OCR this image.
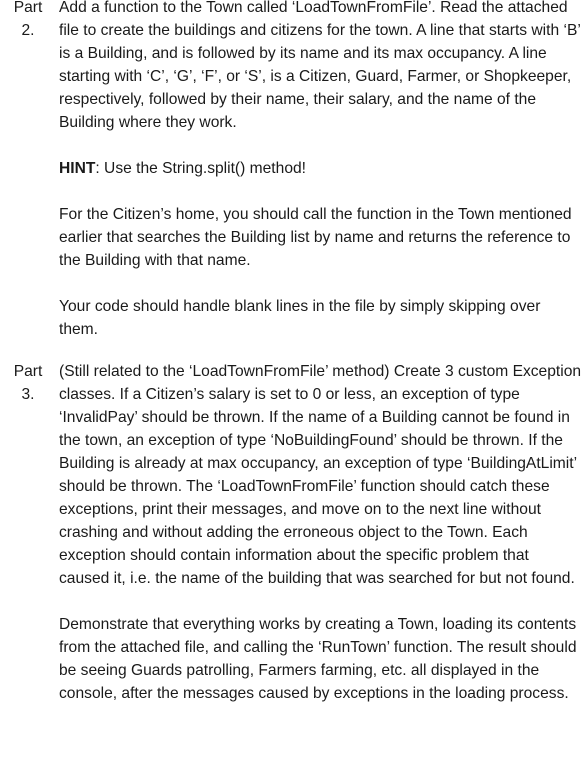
Part
2.

Add a function to the Town called ‘LoadTownFromFile’. Read the attached file to create the buildings and citizens for the town. A line that starts with ‘B’ is a Building, and is followed by its name and its max occupancy. A line starting with ‘C’, ‘G’, ‘F’, or ‘S’, is a Citizen, Guard, Farmer, or Shopkeeper, respectively, followed by their name, their salary, and the name of the Building where they work.

HINT: Use the String.split() method!

For the Citizen’s home, you should call the function in the Town mentioned earlier that searches the Building list by name and returns the reference to the Building with that name.

Your code should handle blank lines in the file by simply skipping over them.

Part
3.

(Still related to the ‘LoadTownFromFile’ method) Create 3 custom Exception classes. If a Citizen’s salary is set to 0 or less, an exception of type ‘InvalidPay’ should be thrown. If the name of a Building cannot be found in the town, an exception of type ‘NoBuildingFound’ should be thrown. If the Building is already at max occupancy, an exception of type ‘BuildingAtLimit’ should be thrown. The ‘LoadTownFromFile’ function should catch these exceptions, print their messages, and move on to the next line without crashing and without adding the erroneous object to the Town. Each exception should contain information about the specific problem that caused it, i.e. the name of the building that was searched for but not found.

Demonstrate that everything works by creating a Town, loading its contents from the attached file, and calling the ‘RunTown’ function. The result should be seeing Guards patrolling, Farmers farming, etc. all displayed in the console, after the messages caused by exceptions in the loading process.
